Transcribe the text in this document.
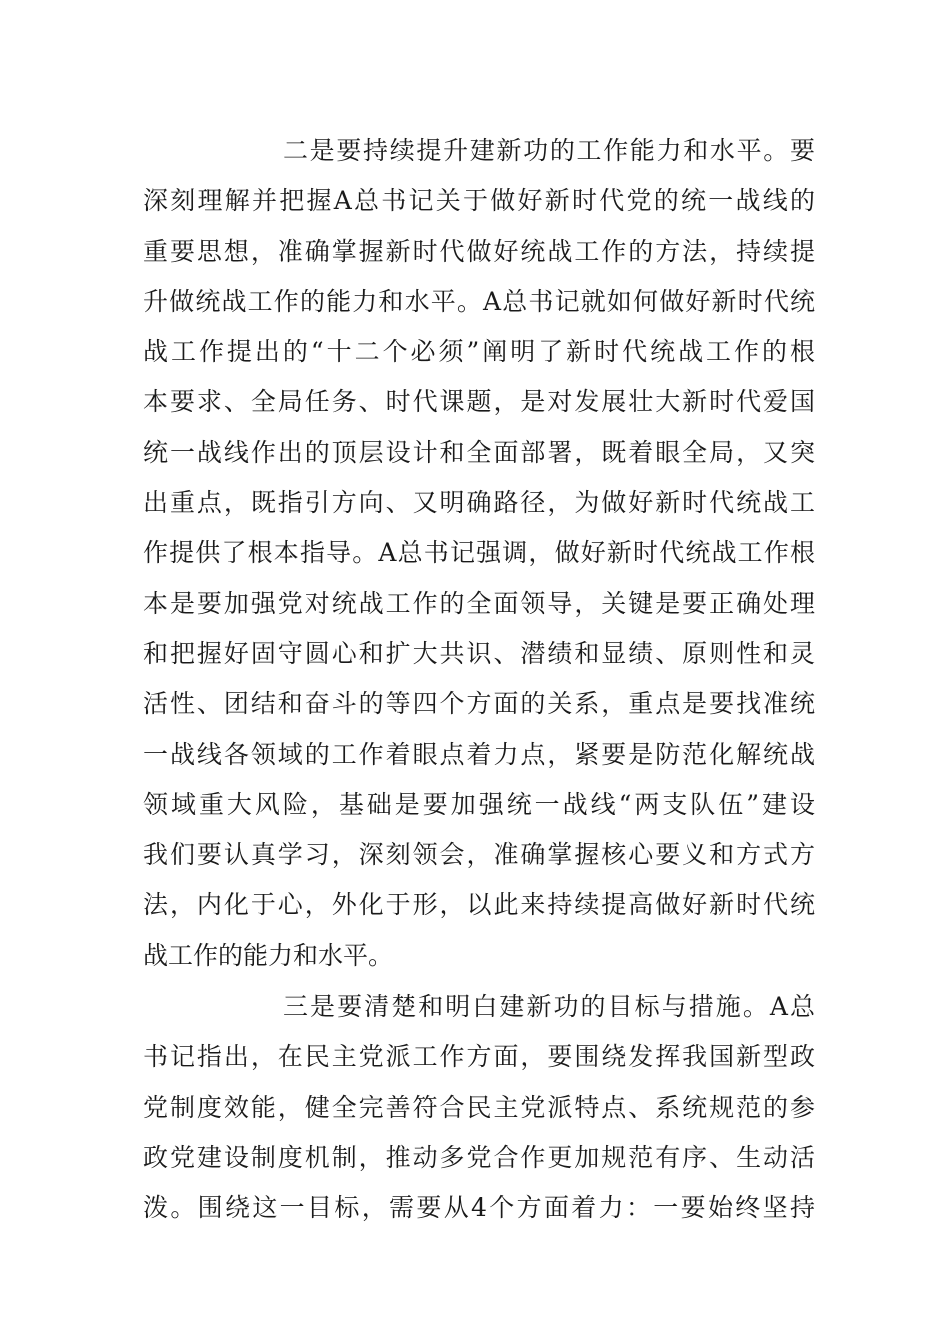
二是要持续提升建新功的工作能力和水平。要
深刻理解并把握A总书记关于做好新时代党的统一战线的
重要思想，准确掌握新时代做好统战工作的方法，持续提
升做统战工作的能力和水平。A总书记就如何做好新时代统
战工作提出的“十二个必须”阐明了新时代统战工作的根
本要求、全局任务、时代课题，是对发展壮大新时代爱国
统一战线作出的顶层设计和全面部署，既着眼全局，又突
出重点，既指引方向、又明确路径，为做好新时代统战工
作提供了根本指导。A总书记强调，做好新时代统战工作根
本是要加强党对统战工作的全面领导，关键是要正确处理
和把握好固守圆心和扩大共识、潜绩和显绩、原则性和灵
活性、团结和奋斗的等四个方面的关系，重点是要找准统
一战线各领域的工作着眼点着力点，紧要是防范化解统战
领域重大风险，基础是要加强统一战线“两支队伍”建设
我们要认真学习，深刻领会，准确掌握核心要义和方式方
法，内化于心，外化于形，以此来持续提高做好新时代统
战工作的能力和水平。
三是要清楚和明白建新功的目标与措施。A总
书记指出，在民主党派工作方面，要围绕发挥我国新型政
党制度效能，健全完善符合民主党派特点、系统规范的参
政党建设制度机制，推动多党合作更加规范有序、生动活
泼。围绕这一目标，需要从4个方面着力：一要始终坚持
